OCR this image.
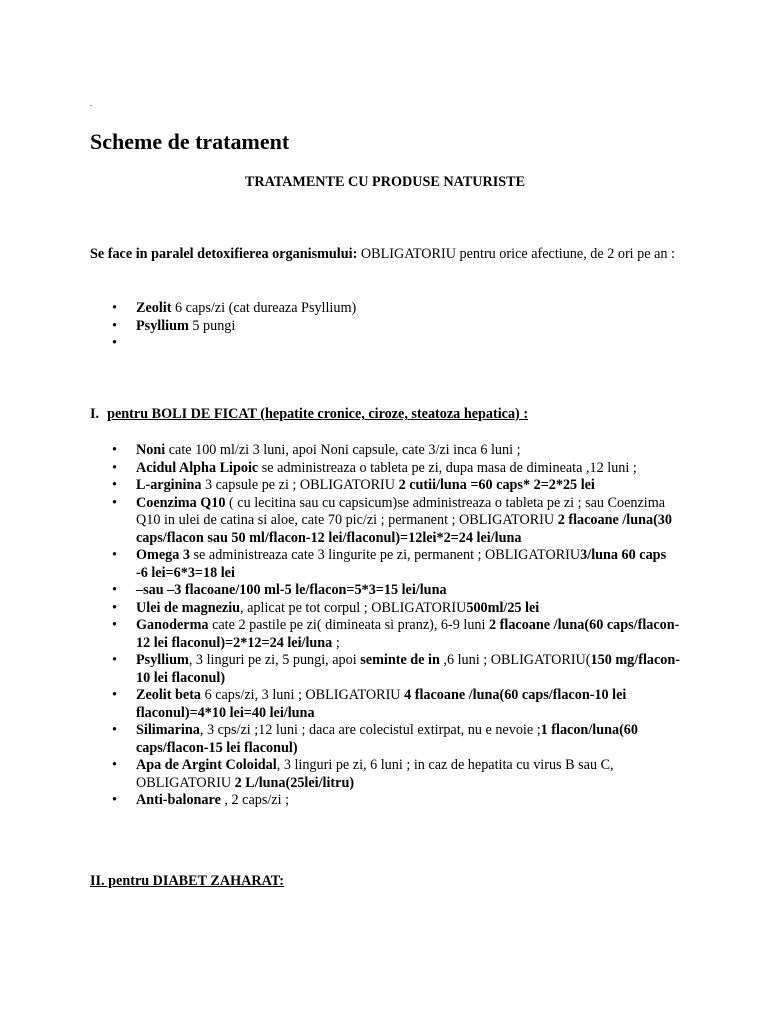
.
Scheme de tratament
TRATAMENTE CU PRODUSE NATURISTE
Se face in paralel detoxifierea organismului: OBLIGATORIU pentru orice afectiune, de 2 ori pe an :
• Zeolit 6 caps/zi (cat dureaza Psyllium)
• Psyllium 5 pungi
•

I. pentru BOLI DE FICAT (hepatite cronice, ciroze, steatoza hepatica) :
• Noni cate 100 ml/zi 3 luni, apoi Noni capsule, cate 3/zi inca 6 luni ;
• Acidul Alpha Lipoic se administreaza o tableta pe zi, dupa masa de dimineata ,12 luni ;
• L-arginina 3 capsule pe zi ; OBLIGATORIU 2 cutii/luna =60 caps* 2=2*25 lei
• Coenzima Q10 ( cu lecitina sau cu capsicum)se administreaza o tableta pe zi ; sau Coenzima Q10 in ulei de catina si aloe, cate 70 pic/zi ; permanent ; OBLIGATORIU 2 flacoane /luna(30 caps/flacon sau 50 ml/flacon-12 lei/flaconul)=12lei*2=24 lei/luna
• Omega 3 se administreaza cate 3 lingurite pe zi, permanent ; OBLIGATORIU3/luna 60 caps -6 lei=6*3=18 lei
• –sau –3 flacoane/100 ml-5 le/flacon=5*3=15 lei/luna
• Ulei de magneziu, aplicat pe tot corpul ; OBLIGATORIU500ml/25 lei
• Ganoderma cate 2 pastile pe zi( dimineata si pranz), 6-9 luni 2 flacoane /luna(60 caps/flacon-12 lei flaconul)=2*12=24 lei/luna ;
• Psyllium, 3 linguri pe zi, 5 pungi, apoi seminte de in ,6 luni ; OBLIGATORIU(150 mg/flacon-10 lei flaconul)
• Zeolit beta 6 caps/zi, 3 luni ; OBLIGATORIU 4 flacoane /luna(60 caps/flacon-10 lei flaconul)=4*10 lei=40 lei/luna
• Silimarina, 3 cps/zi ;12 luni ; daca are colecistul extirpat, nu e nevoie ;1 flacon/luna(60 caps/flacon-15 lei flaconul)
• Apa de Argint Coloidal, 3 linguri pe zi, 6 luni ; in caz de hepatita cu virus B sau C, OBLIGATORIU 2 L/luna(25lei/litru)
• Anti-balonare , 2 caps/zi ;
II. pentru DIABET ZAHARAT:
